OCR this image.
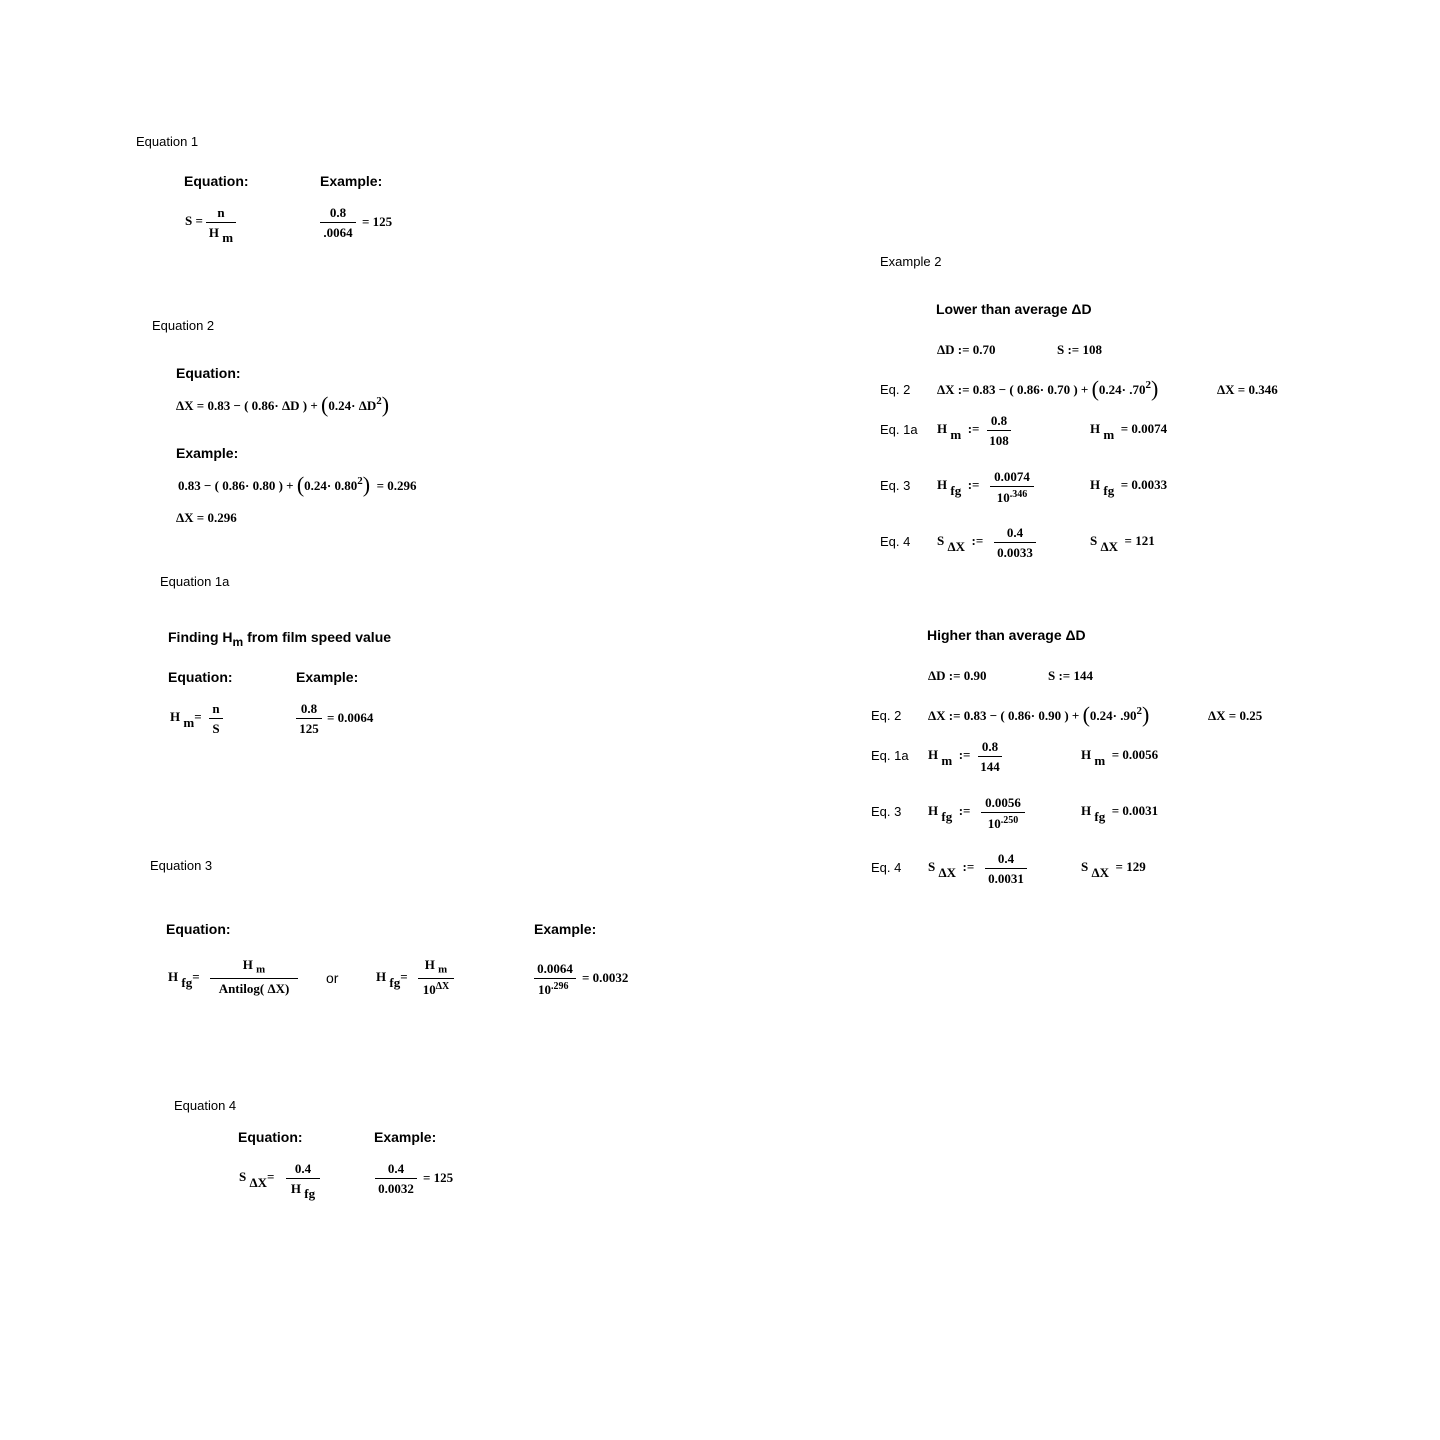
Equation 1
Equation:	Example:
S =
n
H $_m$
0.8
.0064
= 125
Equation 2
Equation:
ΔX = 0.83 − ( 0.86· ΔD ) + $(0.24\cdot \Delta D^2)$
Example:
0.83 − ( 0.86· 0.80 ) + $(0.24\cdot 0.80^2) = 0.296$
ΔX = 0.296
Equation 1a
Finding $H_m$ from film speed value
Equation:	Example:
H $_m$=
n
S
0.8
125
= 0.0064
Equation 3
Equation:	Example:
H $_{fg}$=
H $_m$
Antilog( ΔX)
or	H $_{fg}$=
H $_m$
$10^{\Delta X}$
0.0064
$10^{.296}$
= 0.0032
Equation 4
Equation:	Example:
S $_{\Delta X}$=
0.4
H $_{fg}$
0.4
0.0032
= 125
Example 2
Lower than average ΔD
ΔD := 0.70	S := 108
Eq. 2 ΔX := 0.83 − ( 0.86· 0.70 ) + $(0.24\cdot .70^2)$	ΔX = 0.346
Eq. 1a H $_m$ :=
0.8
108
H $_m$ = 0.0074
Eq. 3 H $_{fg}$ :=
0.0074
$10^{.346}$
H $_{fg}$ = 0.0033
Eq. 4 S $_{\Delta X}$ :=
0.4
0.0033
S $_{\Delta X}$ = 121
Higher than average ΔD
ΔD := 0.90	S := 144
Eq. 2 ΔX := 0.83 − ( 0.86· 0.90 ) + $(0.24\cdot .90^2)$	ΔX = 0.25
Eq. 1a H $_m$ :=
0.8
144
H $_m$ = 0.0056
Eq. 3 H $_{fg}$ :=
0.0056
$10^{.250}$
H $_{fg}$ = 0.0031
Eq. 4 S $_{\Delta X}$ :=
0.4
0.0031
S $_{\Delta X}$ = 129
